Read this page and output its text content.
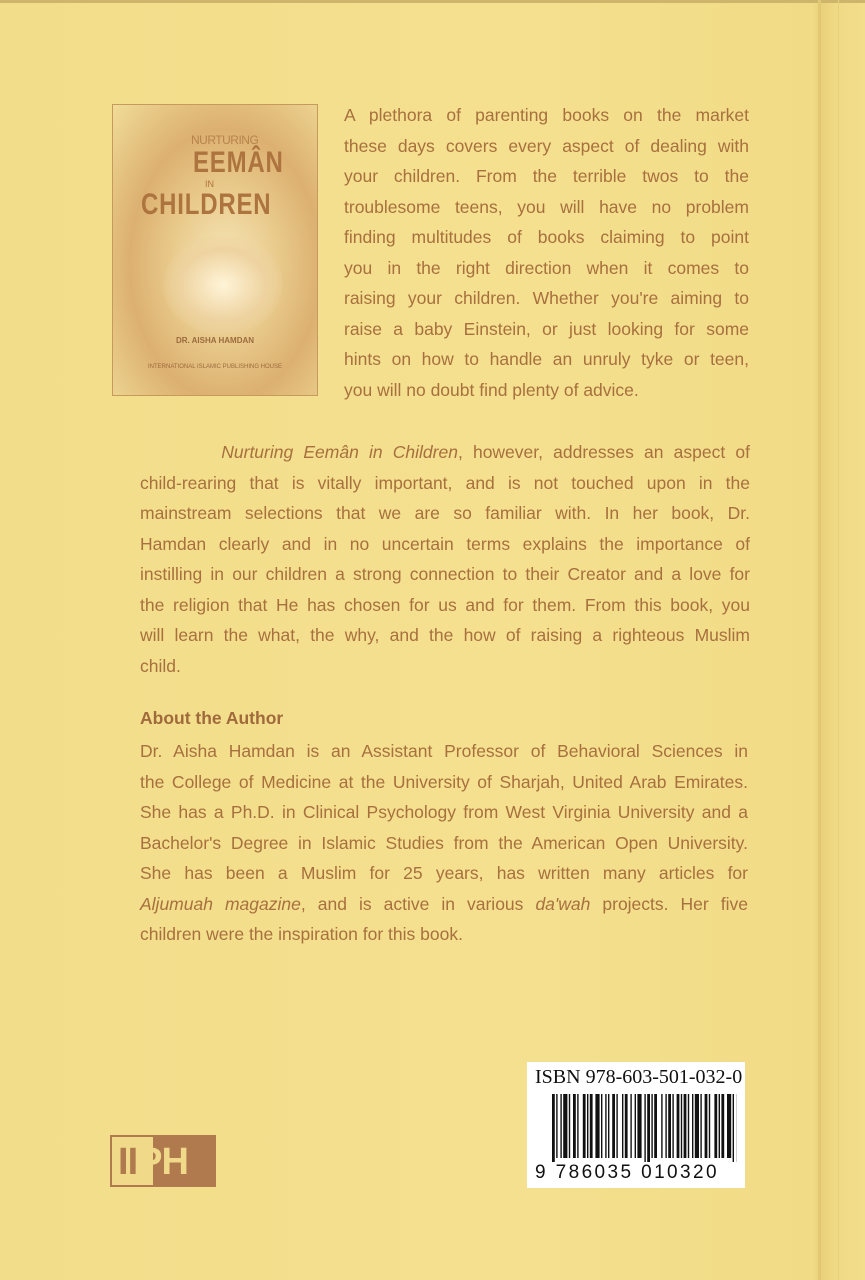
NURTURING
EEMÂN
IN
CHILDREN
DR. AISHA HAMDAN
INTERNATIONAL ISLAMIC PUBLISHING HOUSE
A plethora of parenting books on the market
these days covers every aspect of dealing with
your children. From the terrible twos to the
troublesome teens, you will have no problem
finding multitudes of books claiming to point
you in the right direction when it comes to
raising your children. Whether you're aiming to
raise a baby Einstein, or just looking for some
hints on how to handle an unruly tyke or teen,
you will no doubt find plenty of advice.
Nurturing Eemân in Children, however, addresses an aspect of
child-rearing that is vitally important, and is not touched upon in the
mainstream selections that we are so familiar with. In her book, Dr.
Hamdan clearly and in no uncertain terms explains the importance of
instilling in our children a strong connection to their Creator and a love for
the religion that He has chosen for us and for them. From this book, you
will learn the what, the why, and the how of raising a righteous Muslim
child.
About the Author
Dr. Aisha Hamdan is an Assistant Professor of Behavioral Sciences in
the College of Medicine at the University of Sharjah, United Arab Emirates.
She has a Ph.D. in Clinical Psychology from West Virginia University and a
Bachelor's Degree in Islamic Studies from the American Open University.
She has been a Muslim for 25 years, has written many articles for
Aljumuah magazine, and is active in various da'wah projects. Her five
children were the inspiration for this book.
IIPH
ISBN 978-603-501-032-0
9 786035 010320
